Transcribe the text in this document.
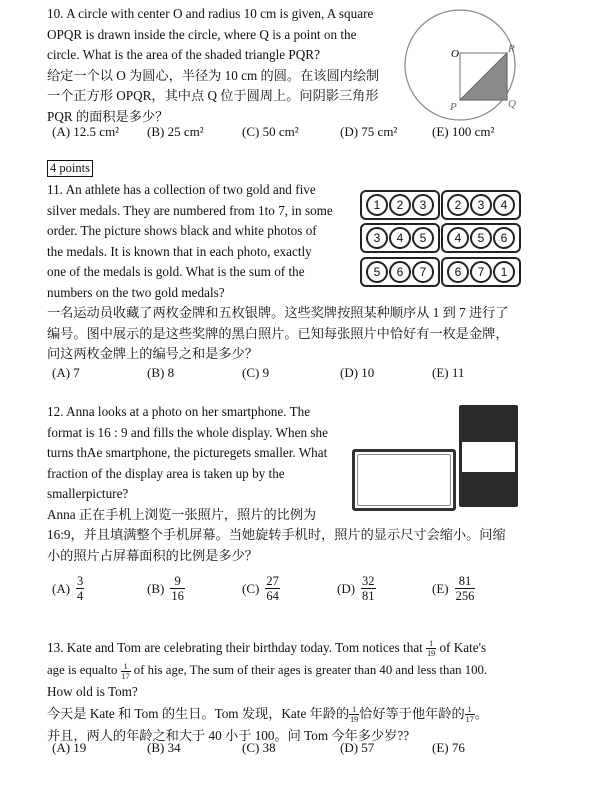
10. A circle with center O and radius 10 cm is given, A square
OPQR is drawn inside the circle, where Q is a point on the
circle. What is the area of the shaded triangle PQR?
给定一个以 O 为圆心，半径为 10 cm 的圆。在该圆内绘制
一个正方形 OPQR，其中点 Q 位于圆周上。问阴影三角形
PQR 的面积是多少？
(A) 12.5 cm² (B) 25 cm²	(C) 50 cm²	(D) 75 cm²	(E) 100 cm²
O	R
P	Q
4 points
11. An athlete has a collection of two gold and five
silver medals. They are numbered from 1to 7, in some
order. The picture shows black and white photos of
the medals. It is known that in each photo, exactly
one of the medals is gold. What is the sum of the
numbers on the two gold medals?
一名运动员收藏了两枚金牌和五枚银牌。这些奖牌按照某种顺序从 1 到 7 进行了
编号。图中展示的是这些奖牌的黑白照片。已知每张照片中恰好有一枚是金牌，
问这两枚金牌上的编号之和是多少？
1	2	3	2	3	4
3	4	5	4	5	6
5	6	7	6	7	1
(A) 7	(B) 8	(C) 9	(D) 10	(E) 11
12. Anna looks at a photo on her smartphone. The
format is 16 : 9 and fills the whole display. When she
turns thAe smartphone, the picturegets smaller. What
fraction of the display area is taken up by the
smallerpicture?
Anna 正在手机上浏览一张照片，照片的比例为
16:9，并且填满整个手机屏幕。当她旋转手机时，照片的显示尺寸会缩小。问缩
小的照片占屏幕面积的比例是多少？
$(A) \frac{3}{4}$	$(B) \frac{9}{16}$	$(C) \frac{27}{64}$	$(D) \frac{32}{81}$	$(E) \frac{81}{256}$
13. Kate and Tom are celebrating their birthday today. Tom notices that $\frac{1}{19}$ of Kate's
age is equalto $\frac{1}{17}$ of his age, The sum of their ages is greater than 40 and less than 100.
How old is Tom?
今天是 Kate 和 Tom 的生日。Tom 发现，Kate 年龄的 $\frac{1}{19}$ 恰好等于他年龄的 $\frac{1}{17}$ 。
并且，两人的年龄之和大于 40 小于 100。问 Tom 今年多少岁??
(A) 19	(B) 34	(C) 38	(D) 57	(E) 76
